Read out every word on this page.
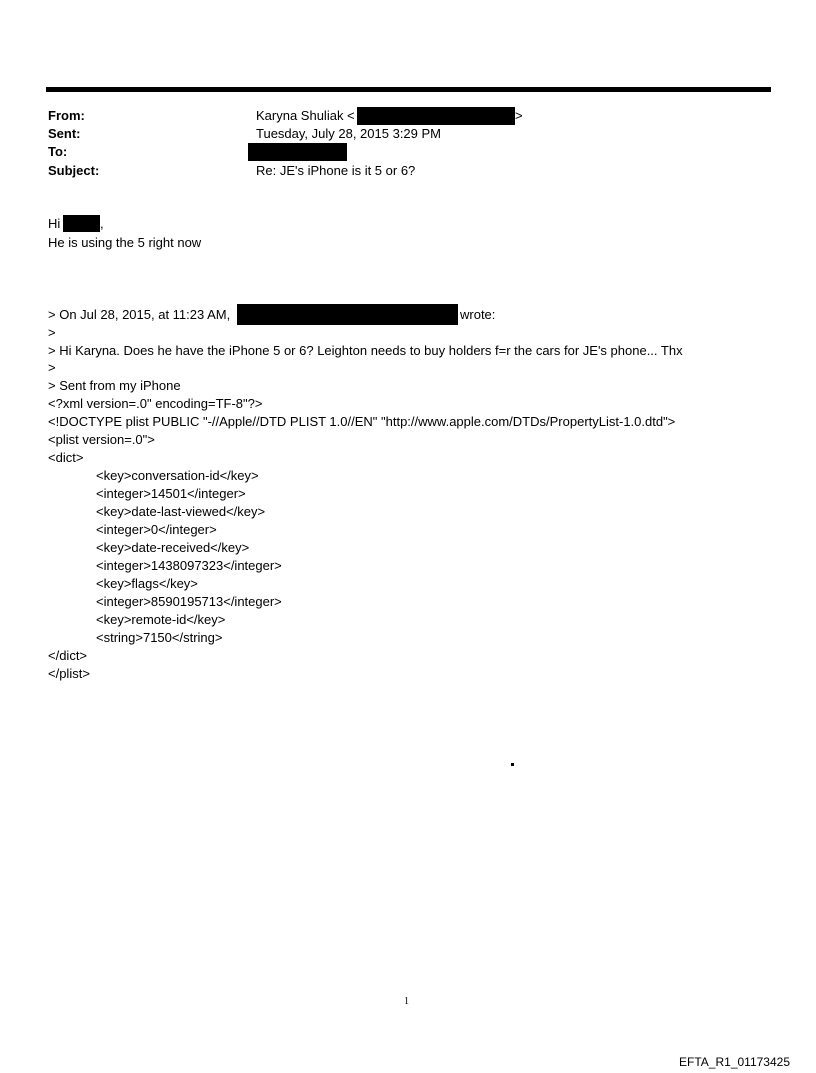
From:	Karyna Shuliak <	>
Sent:	Tuesday, July 28, 2015 3:29 PM
To:
Subject:	Re: JE's iPhone is it 5 or 6?
Hi	,
He is using the 5 right now
> On Jul 28, 2015, at 11:23 AM,	wrote:
>
> Hi Karyna. Does he have the iPhone 5 or 6? Leighton needs to buy holders f=r the cars for JE's phone... Thx
>
> Sent from my iPhone
<?xml version=.0" encoding=TF-8"?>
<!DOCTYPE plist PUBLIC "-//Apple//DTD PLIST 1.0//EN" "http://www.apple.com/DTDs/PropertyList-1.0.dtd">
<plist version=.0">
<dict>
<key>conversation-id</key>
<integer>14501</integer>
<key>date-last-viewed</key>
<integer>0</integer>
<key>date-received</key>
<integer>1438097323</integer>
<key>flags</key>
<integer>8590195713</integer>
<key>remote-id</key>
<string>7150</string>
</dict>
</plist>
1
EFTA_R1_01173425
